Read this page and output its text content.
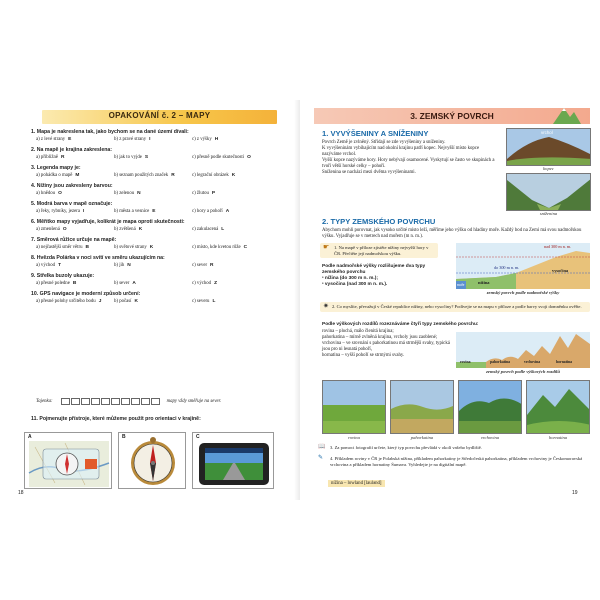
OPAKOVÁNÍ č. 2 – MAPY
1. Mapa je nakreslena tak, jako bychom se na dané území dívali:
a) z levé strany E	b) z pravé strany I	c) z výšky H
2. Na mapě je krajina zakreslena:
a) přibližně R	b) jak to vyjde S	c) přesně podle skutečnosti O
3. Legenda mapy je:
a) pohádka o mapě M	b) seznam použitých značek R	c) legrační obrázek K
4. Nížiny jsou zakresleny barvou:
a) hnědou O	b) zelenou N	c) žlutou P
5. Modrá barva v mapě označuje:
a) řeky, rybníky, jezera I	b) města a vesnice E	c) hory a pohoří A
6. Měřítko mapy vyjadřuje, kolikrát je mapa oproti skutečnosti:
a) zmenšená O	b) zvětšená K	c) zakulacená L
7. Směrová růžice určuje na mapě:
a) nejčastější směr větru B	b) světové strany K	c) místo, kde kvetou růže C
8. Hvězda Polárka v noci svítí ve směru ukazujícím na:
a) východ T	b) jih N	c) sever R
9. Střelka buzoly ukazuje:
a) přesné poledne B	b) sever A	c) východ Z
10. GPS navigace je moderní způsob určení:
a) přesné polohy určitého bodu J	b) počasí K	c) severu L
Tajenka:	mapy vždy směřuje na sever.
11. Pojmenujte přístroje, které můžeme použít pro orientaci v krajině:
A	B	C
18
3. ZEMSKÝ POVRCH
1. VYVÝŠENINY A SNÍŽENINY

Povrch Země je zvlněný. Střídají se zde vyvýšeniny a sníženiny.

K vyvýšeninám vybíhajícím nad okolní krajinu patří kopec. Nejvyšší místo kopce nazýváme vrchol.

Vyšší kopce nazýváme hory. Hory nebývají osamocené. Vyskytují se často ve skupinách a tvoří větší horské celky – pohoří.

Sníženina se nachází mezi dvěma vyvýšeninami.

vrchol
kopec
sníženina
2. TYPY ZEMSKÉHO POVRCHU
Abychom mohli porovnat, jak vysoko určité místo leží, měříme jeho výšku od hladiny moře. Každý bod na Zemi má svou nadmořskou výšku. Vyjadřuje se v metrech nad mořem (m n. m.).
☛ 1. Na mapě v příloze zjistěte nížiny nejvyšší hory v ČR. Přečtěte její nadmořskou výšku.
Podle nadmořské výšky rozlišujeme dva typy zemského povrchu
• nížina (do 300 m n. m.);
• vysočina (nad 300 m n. m.).
nad 300 m n. m.
do 300 m n. m.
nížina
vysočina
moře
zemský povrch podle nadmořské výšky
✷ 2. Co myslíte, převažují v České republice nížiny, nebo vysočiny? Podívejte se na mapu v příloze a podle barvy svoji domněnku ověřte.
Podle výškových rozdílů rozeznáváme čtyři typy zemského povrchu:
rovina – plochá, málo členitá krajina;
pahorkatina – mírně zvlněná krajina, vrcholy jsou zaoblené;
vrchovina – ve srovnání s pahorkatinou má strmější svahy, typická jsou pro ni lesnatá pohoří,
hornatina – vyšší pohoří se strmými svahy.
rovina	pahorkatina	vrchovina	hornatina
zemský povrch podle výškových rozdílů
rovina	pahorkatina	vrchovina	hornatina
📖 3. Za pomoci fotografií určete, který typ povrchu převládá v okolí vašeho bydliště.
✎ 4. Příkladem roviny v ČR je Polabská nížina, příkladem pahorkatiny je Středočeská pahorkatina, příkladem vrchoviny je Českomoravská vrchovina a příkladem hornatiny Šumava. Vyhledejte je na digitální mapě.
nížina – lowland [laulənd]
19
